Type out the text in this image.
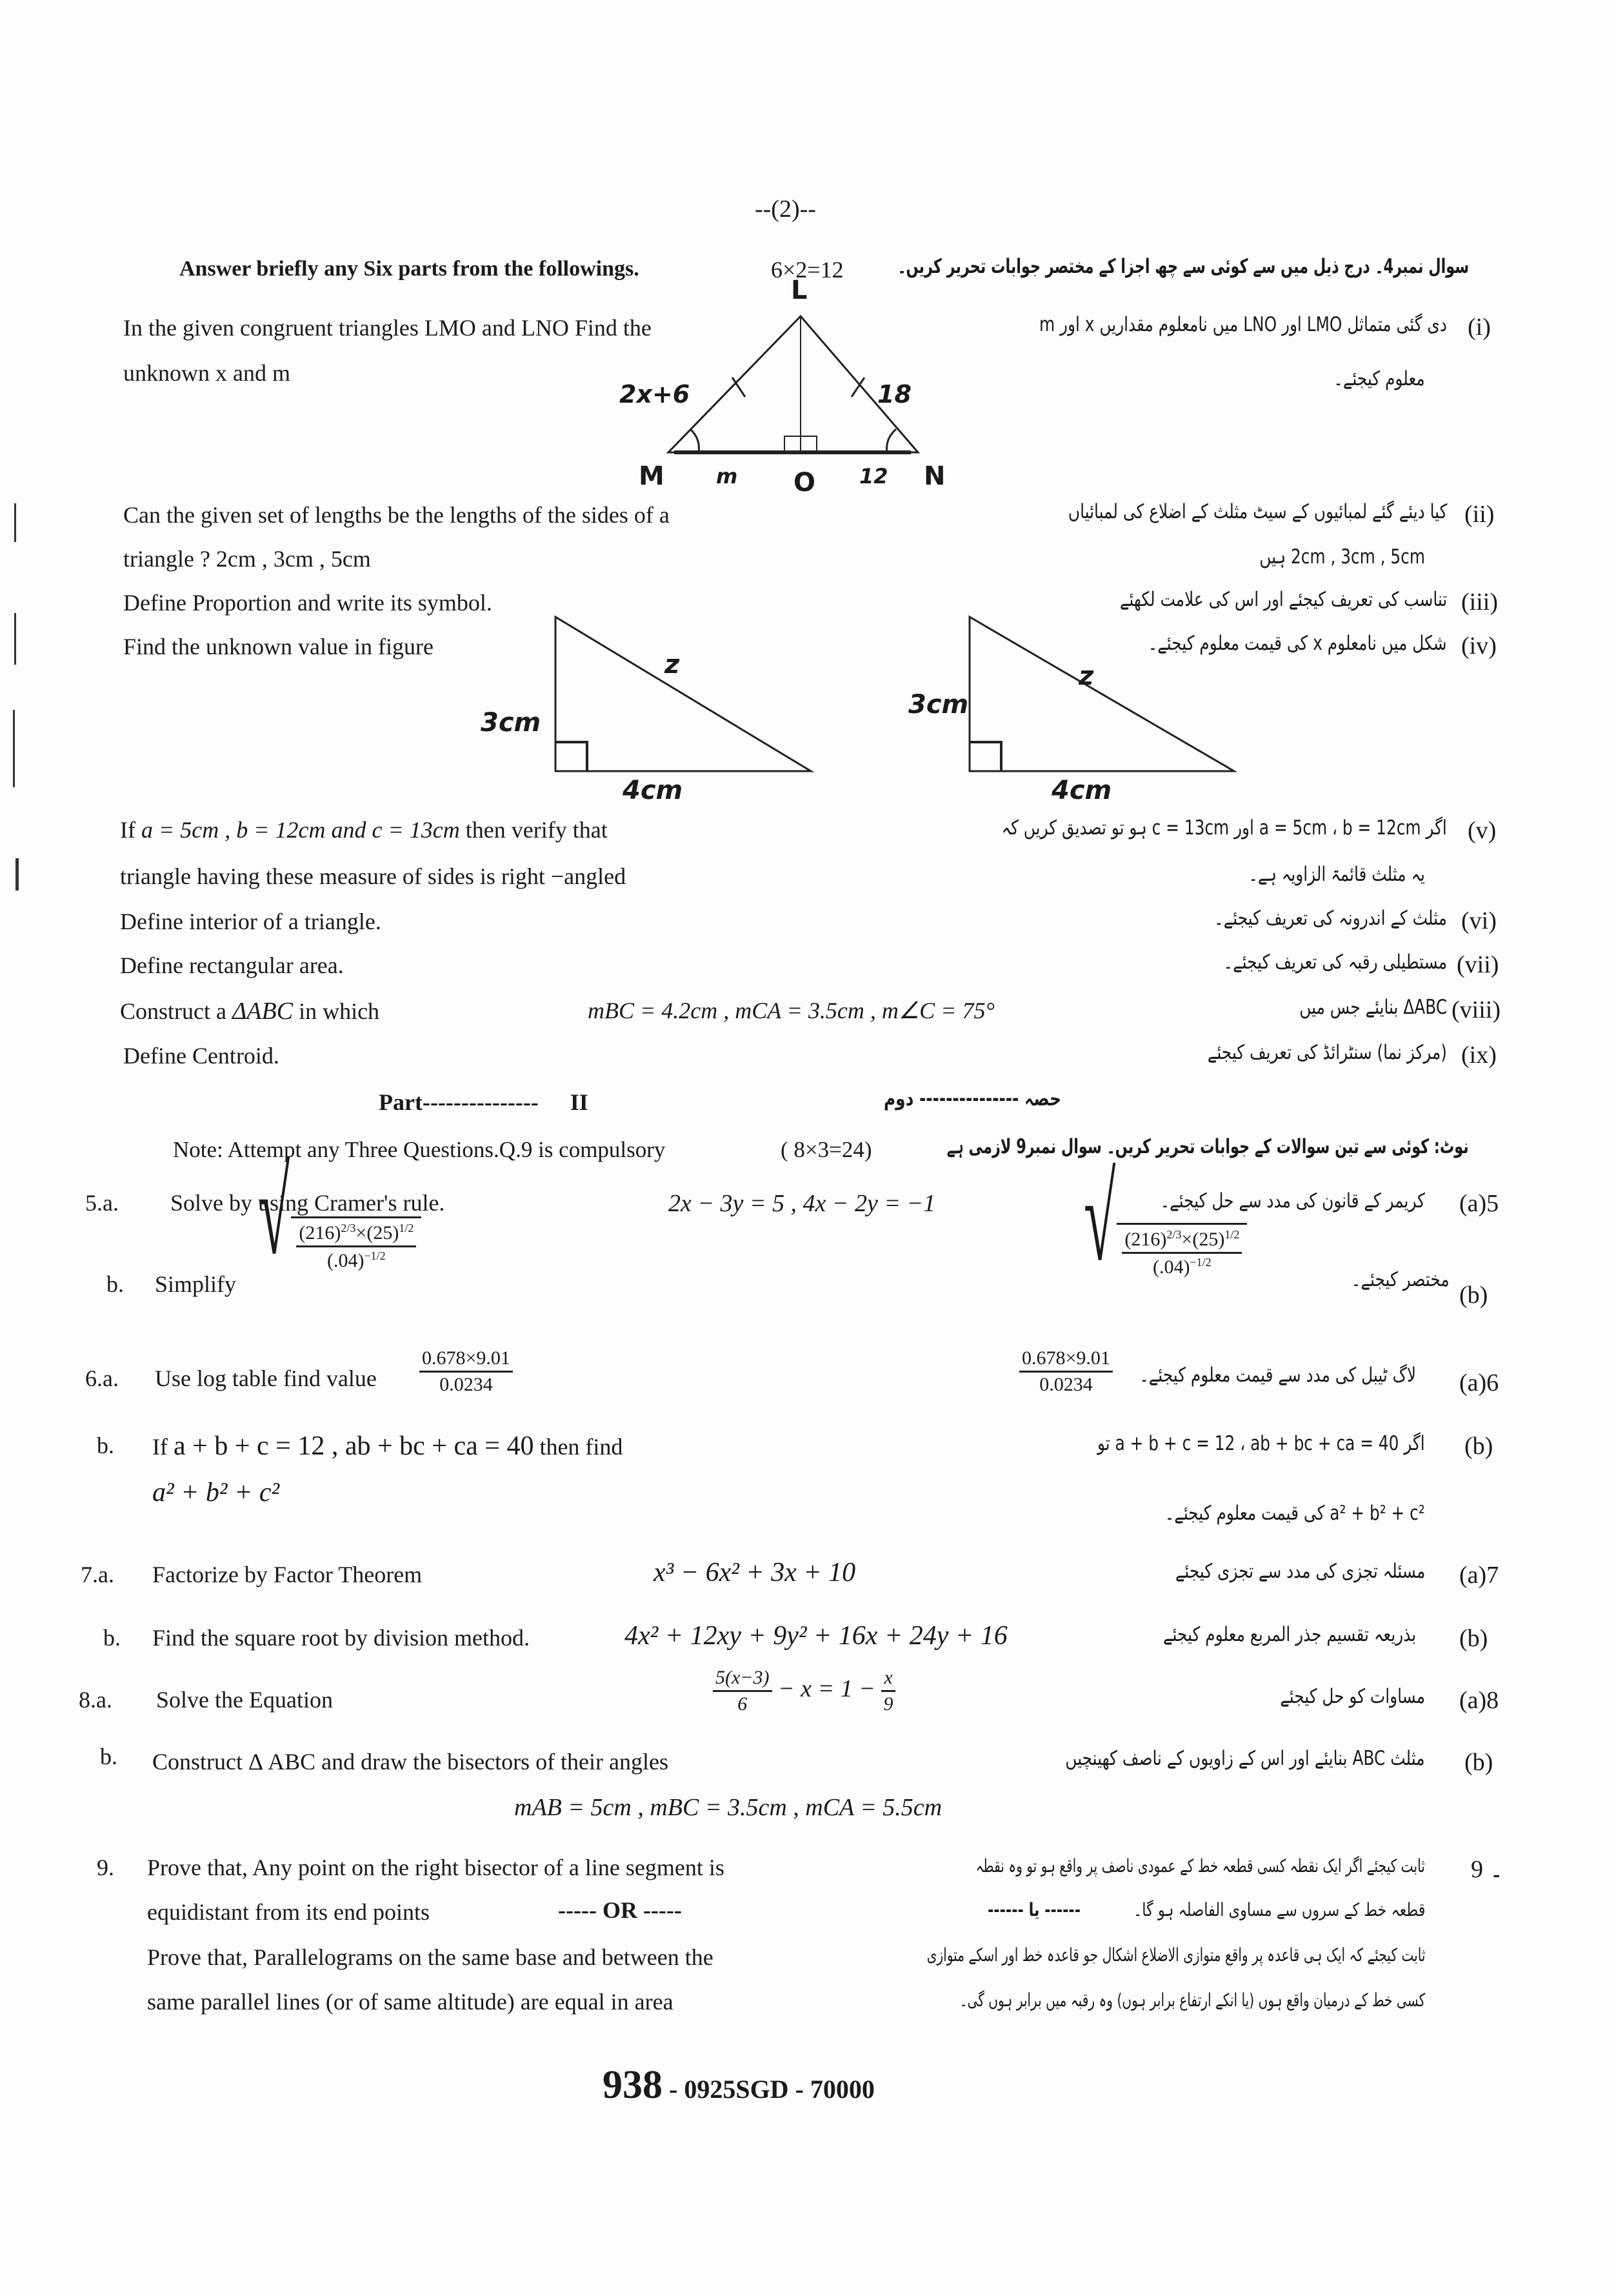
--(2)--
Answer briefly any Six parts from the followings.	6×2=12	سوال نمبر4۔ درج ذیل میں سے کوئی سے چھ اجزا کے مختصر جوابات تحریر کریں۔
L
M	m O 12 N
2x+6	18
3cm
z
4cm
3cm
z
4cm
In the given congruent triangles LMO and LNO Find the
unknown x and m
دی گئی متماثل LMO اور LNO میں نامعلوم مقداریں x اور m
معلوم کیجئے۔
(i)
Can the given set of lengths be the lengths of the sides of a
triangle ? 2cm , 3cm , 5cm
کیا دیئے گئے لمبائیوں کے سیٹ مثلث کے اضلاع کی لمبائیاں
2cm , 3cm , 5cm ہیں
(ii)
Define Proportion and write its symbol.	تناسب کی تعریف کیجئے اور اس کی علامت لکھئے (iii)
Find the unknown value in figure	شکل میں نامعلوم x کی قیمت معلوم کیجئے۔ (iv)
If a = 5cm , b = 12cm and c = 13cm then verify that
triangle having these measure of sides is right −angled
اگر a = 5cm ، b = 12cm اور c = 13cm ہو تو تصدیق کریں کہ
یہ مثلث قائمۃ الزاویہ ہے۔
(v)
Define interior of a triangle.	مثلث کے اندرونہ کی تعریف کیجئے۔ (vi)
Define rectangular area.	مستطیلی رقبہ کی تعریف کیجئے۔ (vii)
Construct a ΔABC in which	mBC = 4.2cm , mCA = 3.5cm , m∠C = 75°	ΔABC بنایئے جس میں (viii)
Define Centroid.	(مرکز نما) سنٹرائڈ کی تعریف کیجئے (ix)
Part--------------- II	حصہ --------------- دوم
Note: Attempt any Three Questions.Q.9 is compulsory	( 8×3=24)	نوٹ: کوئی سے تین سوالات کے جوابات تحریر کریں۔ سوال نمبر9 لازمی ہے
5.a. Solve by using Cramer's rule.	2x − 3y = 5 , 4x − 2y = −1	کریمر کے قانون کی مدد سے حل کیجئے۔ (a)5
b. Simplify
√ $\frac{(216)^{2/3}\times(25)^{1/2}}{(.04)^{-1/2}}$	√ $\frac{(216)^{2/3}\times(25)^{1/2}}{(.04)^{-1/2}}$
مختصر کیجئے۔
(b)
6.a. Use log table find value $\frac{0.678\times 9.01}{0.0234}$	$\frac{0.678\times 9.01}{0.0234}$ لاگ ٹیبل کی مدد سے قیمت معلوم کیجئے۔ (a)6
b. If a + b + c = 12 , ab + bc + ca = 40 then find
a² + b² + c²
اگر a + b + c = 12 ، ab + bc + ca = 40 تو
a² + b² + c² کی قیمت معلوم کیجئے۔
(b)
7.a. Factorize by Factor Theorem	x³ − 6x² + 3x + 10	مسئلہ تجزی کی مدد سے تجزی کیجئے (a)7
b. Find the square root by division method.	4x² + 12xy + 9y² + 16x + 24y + 16	بذریعہ تقسیم جذر المربع معلوم کیجئے (b)
8.a. Solve the Equation	$\frac{5(x-3)}{6} - x = 1 - \frac{x}{9}$	مساوات کو حل کیجئے (a)8
b. Construct Δ ABC and draw the bisectors of their angles
mAB = 5cm , mBC = 3.5cm , mCA = 5.5cm
مثلث ABC بنایئے اور اس کے زاویوں کے ناصف کھینچیں (b)
9. Prove that, Any point on the right bisector of a line segment is
equidistant from its end points	----- OR -----
Prove that, Parallelograms on the same base and between the
same parallel lines (or of same altitude) are equal in area
ثابت کیجئے اگر ایک نقطہ کسی قطعہ خط کے عمودی ناصف پر واقع ہو تو وہ نقطہ
قطعہ خط کے سروں سے مساوی الفاصلہ ہو گا۔
------ یا ------
ثابت کیجئے کہ ایک ہی قاعدہ پر واقع متوازی الاضلاع اشکال جو قاعدہ خط اور اسکے متوازی
کسی خط کے درمیان واقع ہوں (یا انکے ارتفاع برابر ہوں) وہ رقبہ میں برابر ہوں گی۔
9 ۔
938 - 0925SGD - 70000
